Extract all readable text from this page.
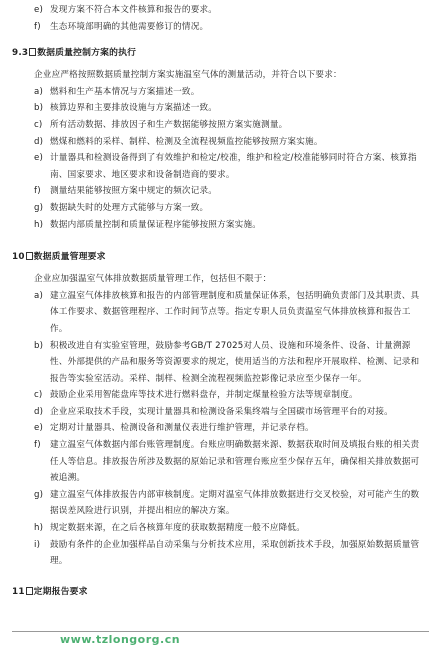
e) 发现方案不符合本文件核算和报告的要求。
f)	生态环境部明确的其他需要修订的情况。
9.3 数据质量控制方案的执行
企业应严格按照数据质量控制方案实施温室气体的测量活动，并符合以下要求：
a) 燃料和生产基本情况与方案描述一致。
b) 核算边界和主要排放设施与方案描述一致。
c) 所有活动数据、排放因子和生产数据能够按照方案实施测量。
d) 燃煤和燃料的采样、制样、检测及全流程视频监控能够按照方案实施。
e) 计量器具和检测设备得到了有效维护和检定/校准，维护和检定/校准能够同时符合方案、核算指南、国家要求、地区要求和设备制造商的要求。
f)	测量结果能够按照方案中规定的频次记录。
g) 数据缺失时的处理方式能够与方案一致。
h) 数据内部质量控制和质量保证程序能够按照方案实施。
10 数据质量管理要求
企业应加强温室气体排放数据质量管理工作，包括但不限于：
a) 建立温室气体排放核算和报告的内部管理制度和质量保证体系，包括明确负责部门及其职责、具体工作要求、数据管理程序、工作时间节点等。指定专职人员负责温室气体排放核算和报告工作。
b) 积极改进自有实验室管理，鼓励参考GB/T 27025对人员、设施和环境条件、设备、计量溯源性、外部提供的产品和服务等资源要求的规定，使用适当的方法和程序开展取样、检测、记录和报告等实验室活动。采样、制样、检测全流程视频监控影像记录应至少保存一年。
c) 鼓励企业采用智能盘库等技术进行燃料盘存，并制定煤量检验方法等规章制度。
d) 企业应采取技术手段，实现计量器具和检测设备采集终端与全国碳市场管理平台的对接。
e) 定期对计量器具、检测设备和测量仪表进行维护管理，并记录存档。
f)	建立温室气体数据内部台账管理制度。台账应明确数据来源、数据获取时间及填报台账的相关责任人等信息。排放报告所涉及数据的原始记录和管理台账应至少保存五年，确保相关排放数据可被追溯。
g) 建立温室气体排放报告内部审核制度。定期对温室气体排放数据进行交叉校验，对可能产生的数据误差风险进行识别，并提出相应的解决方案。
h) 规定数据来源，在之后各核算年度的获取数据精度一般不应降低。
i)	鼓励有条件的企业加强样品自动采集与分析技术应用，采取创新技术手段，加强原始数据质量管理。
11 定期报告要求
www.tzlongorg.cn
